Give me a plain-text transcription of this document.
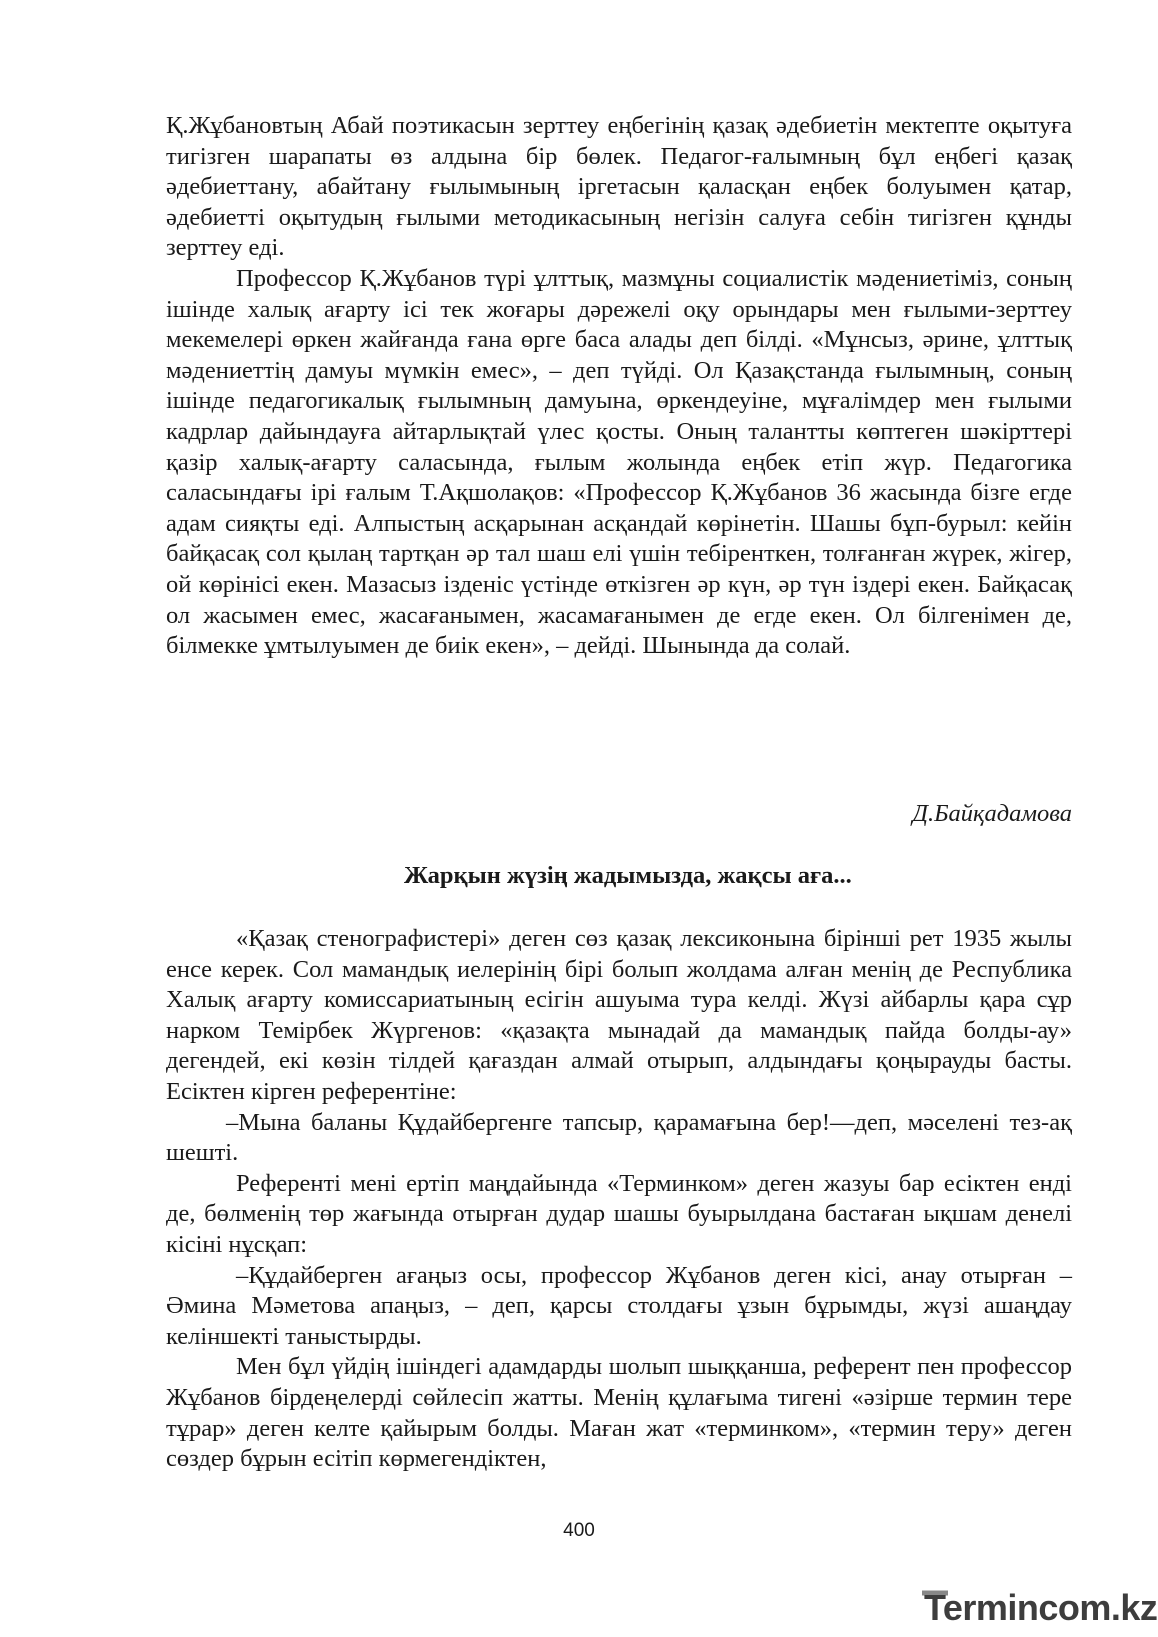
Қ.Жұбановтың Абай поэтикасын зерттеу еңбегінің қазақ әдебиетін мектепте оқытуға тигізген шарапаты өз алдына бір бөлек. Педагог-ғалымның бұл еңбегі қазақ әдебиеттану, абайтану ғылымының іргетасын қаласқан еңбек болуымен қатар, әдебиетті оқытудың ғылыми методикасының негізін салуға себін тигізген құнды зерттеу еді.

Профессор Қ.Жұбанов түрі ұлттық, мазмұны социалистік мәдениетіміз, соның ішінде халық ағарту ісі тек жоғары дәрежелі оқу орындары мен ғылыми-зерттеу мекемелері өркен жайғанда ғана өрге баса алады деп білді. «Мұнсыз, әрине, ұлттық мәдениеттің дамуы мүмкін емес», – деп түйді. Ол Қазақстанда ғылымның, соның ішінде педагогикалық ғылымның дамуына, өркендеуіне, мұғалімдер мен ғылыми кадрлар дайындауға айтарлықтай үлес қосты. Оның талантты көптеген шәкірттері қазір халық-ағарту саласында, ғылым жолында еңбек етіп жүр. Педагогика саласындағы ірі ғалым Т.Ақшолақов: «Профессор Қ.Жұбанов 36 жасында бізге егде адам сияқты еді. Алпыстың асқарынан асқандай көрінетін. Шашы бұп-бурыл: кейін байқасақ сол қылаң тартқан әр тал шаш елі үшін тебіренткен, толғанған жүрек, жігер, ой көрінісі екен. Мазасыз ізденіс үстінде өткізген әр күн, әр түн іздері екен. Байқасақ ол жасымен емес, жасағанымен, жасамағанымен де егде екен. Ол білгенімен де, білмекке ұмтылуымен де биік екен», – дейді. Шынында да солай.

Д.Байқадамова
Жарқын жүзің жадымызда, жақсы аға...

«Қазақ стенографистері» деген сөз қазақ лексиконына бірінші рет 1935 жылы енсе керек. Сол мамандық иелерінің бірі болып жолдама алған менің де Республика Халық ағарту комиссариатының есігін ашуыма тура келді. Жүзі айбарлы қара сұр нарком Темірбек Жүргенов: «қазақта мынадай да мамандық пайда болды-ау» дегендей, екі көзін тілдей қағаздан алмай отырып, алдындағы қоңырауды басты. Есіктен кірген референтіне:

–Мына баланы Құдайбергенге тапсыр, қарамағына бер!—деп, мәселені тез-ақ шешті.

Референті мені ертіп маңдайында «Терминком» деген жазуы бар есіктен енді де, бөлменің төр жағында отырған дудар шашы буырылдана бастаған ықшам денелі кісіні нұсқап:

–Құдайберген ағаңыз осы, профессор Жұбанов деген кісі, анау отырған – Әмина Мәметова апаңыз, – деп, қарсы столдағы ұзын бұрымды, жүзі ашаңдау келіншекті таныстырды.

Мен бұл үйдің ішіндегі адамдарды шолып шыққанша, референт пен профессор Жұбанов бірдеңелерді сөйлесіп жатты. Менің құлағыма тигені «әзірше термин тере тұрар» деген келте қайырым болды. Маған жат «терминком», «термин теру» деген сөздер бұрын есітіп көрмегендіктен,

400
Termincom.kz
